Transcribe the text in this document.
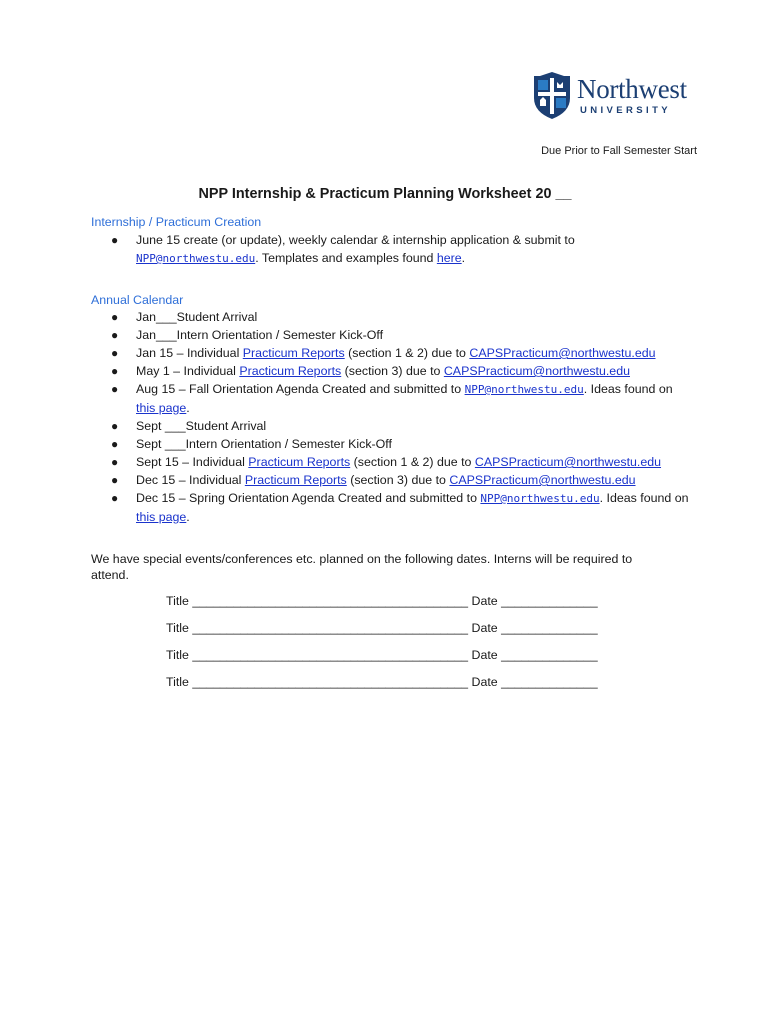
Northwest
UNIVERSITY
Due Prior to Fall Semester Start
NPP Internship & Practicum Planning Worksheet 20 __
Internship / Practicum Creation
● June 15 create (or update), weekly calendar & internship application & submit to
NPP@northwestu.edu. Templates and examples found here.
Annual Calendar
● Jan___Student Arrival
● Jan___Intern Orientation / Semester Kick-Off
● Jan 15 – Individual Practicum Reports (section 1 & 2) due to CAPSPracticum@northwestu.edu
● May 1 – Individual Practicum Reports (section 3) due to CAPSPracticum@northwestu.edu
● Aug 15 – Fall Orientation Agenda Created and submitted to NPP@northwestu.edu. Ideas found on this page.
● Sept ___Student Arrival
● Sept ___Intern Orientation / Semester Kick-Off
● Sept 15 – Individual Practicum Reports (section 1 & 2) due to CAPSPracticum@northwestu.edu
● Dec 15 – Individual Practicum Reports (section 3) due to CAPSPracticum@northwestu.edu
● Dec 15 – Spring Orientation Agenda Created and submitted to NPP@northwestu.edu. Ideas found on this page.
We have special events/conferences etc. planned on the following dates. Interns will be required to attend.
Title ________________________________________ Date ______________
Title ________________________________________ Date ______________
Title ________________________________________ Date ______________
Title ________________________________________ Date ______________
